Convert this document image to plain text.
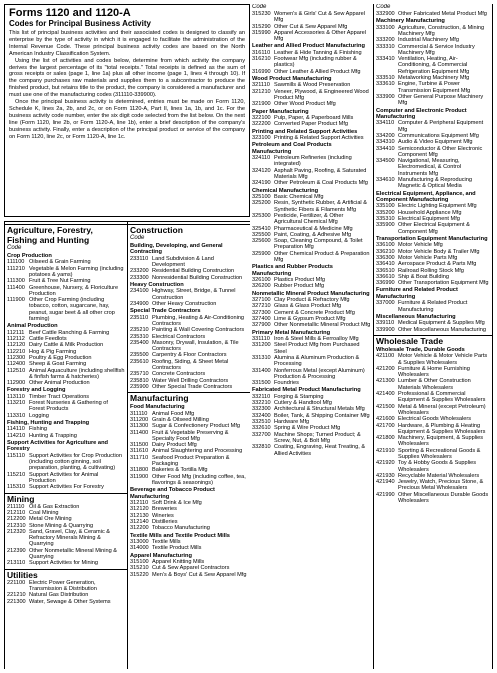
Forms 1120 and 1120-A
Codes for Principal Business Activity
This list of principal business activities and their associated codes is designed to classify an enterprise by the type of activity in which it is engaged to facilitate the administration of the Internal Revenue Code. These principal business activity codes are based on the North American Industry Classification System.
Using the list of activities and codes below, determine from which activity the company derives the largest percentage of its "total receipts." Total receipts is defined as the sum of gross receipts or sales (page 1, line 1a) plus all other income (page 1, lines 4 through 10). If the company purchases raw materials and supplies them to a subcontractor to produce the finished product, but retains title to the product, the company is considered a manufacturer and must use one of the manufacturing codes (311110-339900).
Once the principal business activity is determined, entries must be made on Form 1120, Schedule K, lines 2a, 2b, and 2c, or on Form 1120-A, Part II, lines 1a, 1b, and 1c. For the business activity code number, enter the six digit code selected from the list below. On the next line (Form 1120, line 2b, or Form 1120-A, line 1b), enter a brief description of the company's business activity. Finally, enter a description of the principal product or service of the company on Form 1120, line 2c, or Form 1120-A, line 1c.
Agriculture, Forestry, Fishing and Hunting
Code
Crop Production
111100 Oilseed & Grain Farming
111210 Vegetable & Melon Farming (including potatoes & yams)
111300 Fruit & Tree Nut Farming
111400 Greenhouse, Nursery, & Floriculture Production
111900 Other Crop Farming (including tobacco, cotton, sugarcane, hay, peanut, sugar beet & all other crop farming)
Animal Production
112111 Beef Cattle Ranching & Farming
112112 Cattle Feedlots
112120 Dairy Cattle & Milk Production
112210 Hog & Pig Farming
112300 Poultry & Egg Production
112400 Sheep & Goat Farming
112510 Animal Aquaculture (including shellfish & finfish farms & hatcheries)
112900 Other Animal Production
Forestry and Logging
113110 Timber Tract Operations
113210 Forest Nurseries & Gathering of Forest Products
113310 Logging
Fishing, Hunting and Trapping
114110 Fishing
114210 Hunting & Trapping
Support Activities for Agriculture and Forestry
115110 Support Activities for Crop Production (including cotton ginning, soil preparation, planting, & cultivating)
115210 Support Activities for Animal Production
115310 Support Activities For Forestry
Mining
211110 Oil & Gas Extraction
212110 Coal Mining
212200 Metal Ore Mining
212310 Stone Mining & Quarrying
212320 Sand, Gravel, Clay, & Ceramic & Refractory Minerals Mining & Quarrying
212390 Other Nonmetallic Mineral Mining & Quarrying
213110 Support Activities for Mining
Utilities
221100 Electric Power Generation, Transmission & Distribution
221210 Natural Gas Distribution
221300 Water, Sewage & Other Systems
Construction
Code
Building, Developing, and General Contracting
233110 Land Subdivision & Land Development
233200 Residential Building Construction
233300 Nonresidential Building Construction
Heavy Construction
234100 Highway, Street, Bridge, & Tunnel Construction
234900 Other Heavy Construction
Special Trade Contractors
235110 Plumbing, Heating & Air-Conditioning Contractors
235210 Painting & Wall Covering Contractors
235310 Electrical Contractors
235400 Masonry, Drywall, Insulation, & Tile Contractors
235500 Carpentry & Floor Contractors
235610 Roofing, Siding, & Sheet Metal Contractors
235710 Concrete Contractors
235810 Water Well Drilling Contractors
235900 Other Special Trade Contractors
Manufacturing
Food Manufacturing
311110 Animal Food Mfg
311200 Grain & Oilseed Milling
311300 Sugar & Confectionery Product Mfg
311400 Fruit & Vegetable Preserving & Specialty Food Mfg
311500 Dairy Product Mfg
311610 Animal Slaughtering and Processing
311710 Seafood Product Preparation & Packaging
311800 Bakeries & Tortilla Mfg
311900 Other Food Mfg (including coffee, tea, flavorings & seasonings)
Beverage and Tobacco Product Manufacturing
312110 Soft Drink & Ice Mfg
312120 Breweries
312130 Wineries
312140 Distilleries
312200 Tobacco Manufacturing
Textile Mills and Textile Product Mills
313000 Textile Mills
314000 Textile Product Mills
Apparel Manufacturing
315100 Apparel Knitting Mills
315210 Cut & Sew Apparel Contractors
315220 Men's & Boys' Cut & Sew Apparel Mfg
Code
315230 Women's & Girls' Cut & Sew Apparel Mfg
315290 Other Cut & Sew Apparel Mfg
315990 Apparel Accessories & Other Apparel Mfg
Leather and Allied Product Manufacturing
316110 Leather & Hide Tanning & Finishing
316210 Footwear Mfg (including rubber & plastics)
316990 Other Leather & Allied Product Mfg
Wood Product Manufacturing
321110 Sawmills & Wood Preservation
321210 Veneer, Plywood, & Engineered Wood Product Mfg
321900 Other Wood Product Mfg
Paper Manufacturing
322100 Pulp, Paper, & Paperboard Mills
322200 Converted Paper Product Mfg
Printing and Related Support Activities
323100 Printing & Related Support Activities
Petroleum and Coal Products Manufacturing
324110 Petroleum Refineries (including integrated)
324120 Asphalt Paving, Roofing, & Saturated Materials Mfg
324190 Other Petroleum & Coal Products Mfg
Chemical Manufacturing
325100 Basic Chemical Mfg
325200 Resin, Synthetic Rubber, & Artificial & Synthetic Fibers & Filaments Mfg
325300 Pesticide, Fertilizer, & Other Agricultural Chemical Mfg
325410 Pharmaceutical & Medicine Mfg
325500 Paint, Coating, & Adhesive Mfg
325600 Soap, Cleaning Compound, & Toilet Preparation Mfg
325900 Other Chemical Product & Preparation Mfg
Plastics and Rubber Products Manufacturing
326100 Plastics Product Mfg
326200 Rubber Product Mfg
Nonmetallic Mineral Product Manufacturing
327100 Clay Product & Refractory Mfg
327210 Glass & Glass Product Mfg
327300 Cement & Concrete Product Mfg
327400 Lime & Gypsum Product Mfg
327900 Other Nonmetallic Mineral Product Mfg
Primary Metal Manufacturing
331110 Iron & Steel Mills & Ferroalloy Mfg
331200 Steel Product Mfg from Purchased Steel
331310 Alumina & Aluminum Production & Processing
331400 Nonferrous Metal (except Aluminum) Production & Processing
331500 Foundries
Fabricated Metal Product Manufacturing
332110 Forging & Stamping
332210 Cutlery & Handtool Mfg
332300 Architectural & Structural Metals Mfg
332400 Boiler, Tank, & Shipping Container Mfg
332510 Hardware Mfg
332610 Spring & Wire Product Mfg
332700 Machine Shops; Turned Product; & Screw, Nut, & Bolt Mfg
332810 Coating, Engraving, Heat Treating, & Allied Activities
Code
332900 Other Fabricated Metal Product Mfg
Machinery Manufacturing
333100 Agriculture, Construction, & Mining Machinery Mfg
333200 Industrial Machinery Mfg
333310 Commercial & Service Industry Machinery Mfg
333410 Ventilation, Heating, Air-Conditioning, & Commercial Refrigeration Equipment Mfg
333510 Metalworking Machinery Mfg
333610 Engine, Turbine & Power Transmission Equipment Mfg
333900 Other General Purpose Machinery Mfg
Computer and Electronic Product Manufacturing
334110 Computer & Peripheral Equipment Mfg
334200 Communications Equipment Mfg
334310 Audio & Video Equipment Mfg
334410 Semiconductor & Other Electronic Component Mfg
334500 Navigational, Measuring, Electromedical, & Control Instruments Mfg
334610 Manufacturing & Reproducing Magnetic & Optical Media
Electrical Equipment, Appliance, and Component Manufacturing
335100 Electric Lighting Equipment Mfg
335200 Household Appliance Mfg
335310 Electrical Equipment Mfg
335900 Other Electrical Equipment & Component Mfg
Transportation Equipment Manufacturing
336100 Motor Vehicle Mfg
336210 Motor Vehicle Body & Trailer Mfg
336300 Motor Vehicle Parts Mfg
336410 Aerospace Product & Parts Mfg
336510 Railroad Rolling Stock Mfg
336610 Ship & Boat Building
336990 Other Transportation Equipment Mfg
Furniture and Related Product Manufacturing
337000 Furniture & Related Product Manufacturing
Miscellaneous Manufacturing
339110 Medical Equipment & Supplies Mfg
339900 Other Miscellaneous Manufacturing
Wholesale Trade
Wholesale Trade, Durable Goods
421100 Motor Vehicle & Motor Vehicle Parts & Supplies Wholesalers
421200 Furniture & Home Furnishing Wholesalers
421300 Lumber & Other Construction Materials Wholesalers
421400 Professional & Commercial Equipment & Supplies Wholesalers
421500 Metal & Mineral (except Petroleum) Wholesalers
421600 Electrical Goods Wholesalers
421700 Hardware, & Plumbing & Heating Equipment & Supplies Wholesalers
421800 Machinery, Equipment, & Supplies Wholesalers
421910 Sporting & Recreational Goods & Supplies Wholesalers
421920 Toy & Hobby Goods & Supplies Wholesalers
421930 Recyclable Material Wholesalers
421940 Jewelry, Watch, Precious Stone, & Precious Metal Wholesalers
421990 Other Miscellaneous Durable Goods Wholesalers
